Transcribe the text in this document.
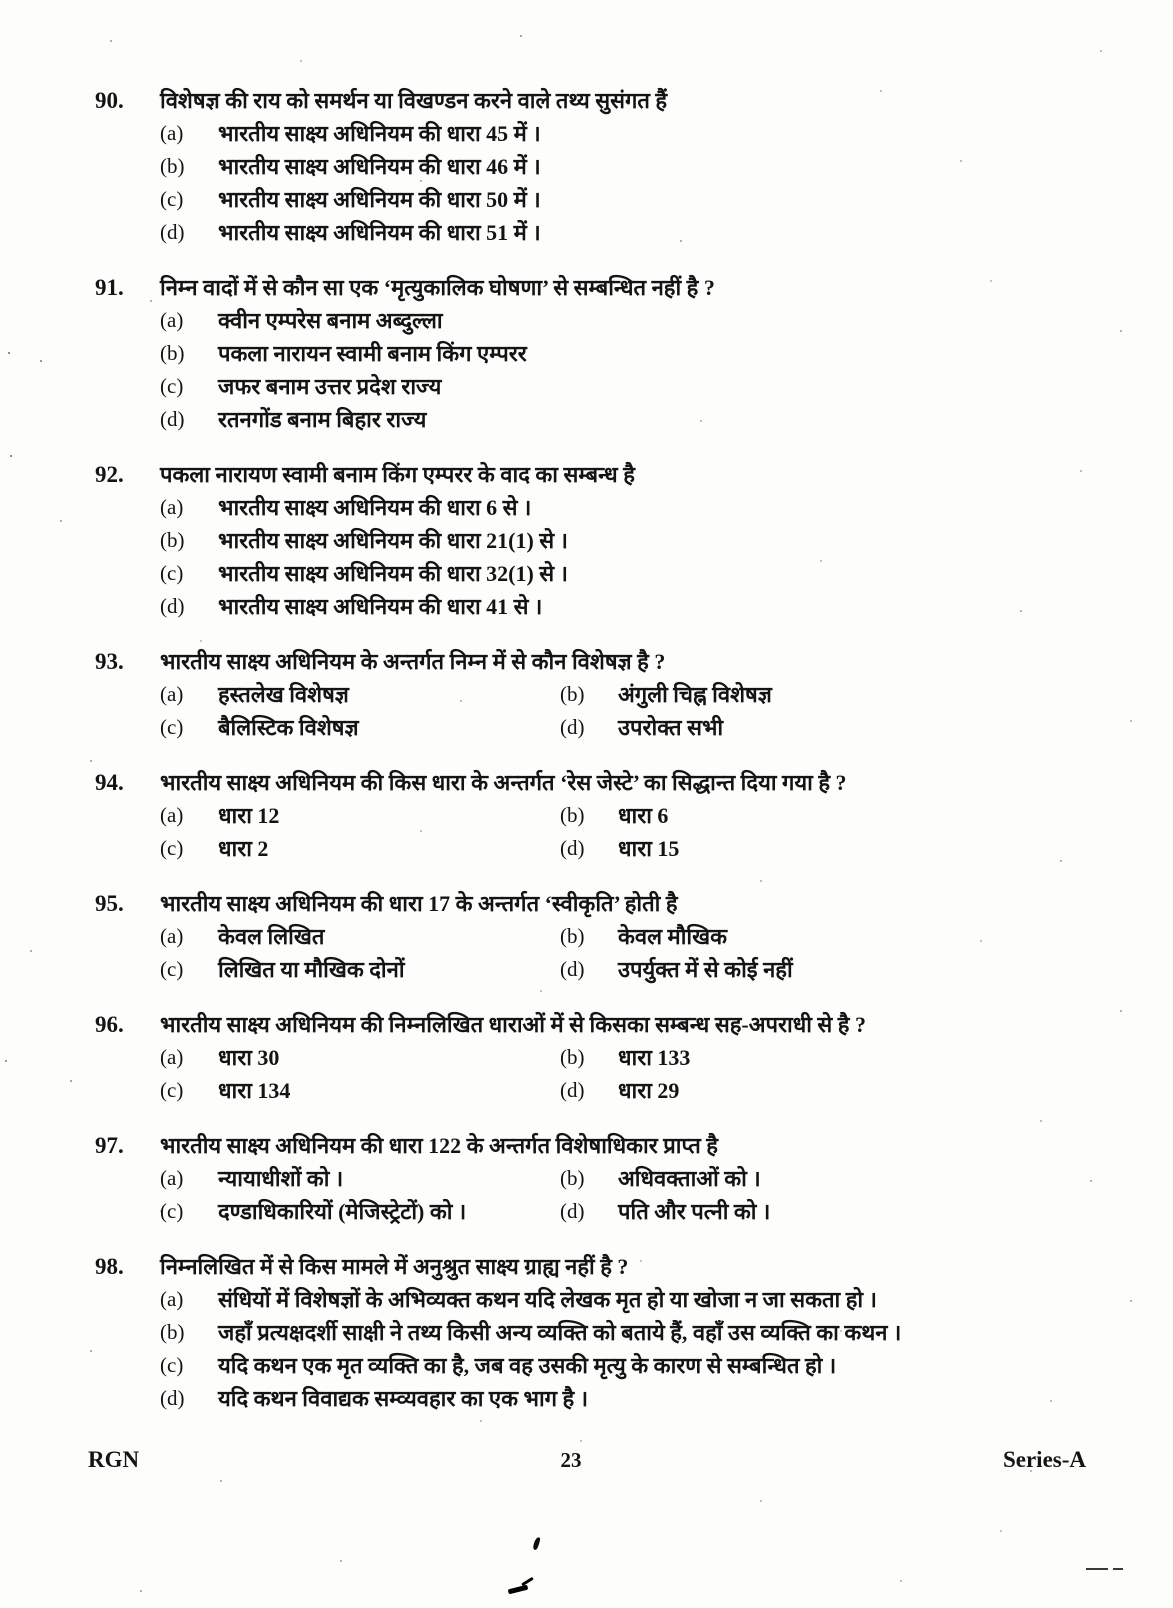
90.	विशेषज्ञ की राय को समर्थन या विखण्डन करने वाले तथ्य सुसंगत हैं
(a)	भारतीय साक्ष्य अधिनियम की धारा 45 में ।
(b)	भारतीय साक्ष्य अधिनियम की धारा 46 में ।
(c)	भारतीय साक्ष्य अधिनियम की धारा 50 में ।
(d)	भारतीय साक्ष्य अधिनियम की धारा 51 में ।
91.	निम्न वादों में से कौन सा एक ‘मृत्युकालिक घोषणा’ से सम्बन्धित नहीं है ?
(a)	क्वीन एम्परेस बनाम अब्दुल्ला
(b)	पकला नारायन स्वामी बनाम किंग एम्परर
(c)	जफर बनाम उत्तर प्रदेश राज्य
(d)	रतनगोंड बनाम बिहार राज्य
92.	पकला नारायण स्वामी बनाम किंग एम्परर के वाद का सम्बन्ध है
(a)	भारतीय साक्ष्य अधिनियम की धारा 6 से ।
(b)	भारतीय साक्ष्य अधिनियम की धारा 21(1) से ।
(c)	भारतीय साक्ष्य अधिनियम की धारा 32(1) से ।
(d)	भारतीय साक्ष्य अधिनियम की धारा 41 से ।
93.	भारतीय साक्ष्य अधिनियम के अन्तर्गत निम्न में से कौन विशेषज्ञ है ?
(a)	हस्तलेख विशेषज्ञ	(b)	अंगुली चिह्न विशेषज्ञ
(c)	बैलिस्टिक विशेषज्ञ	(d)	उपरोक्त सभी
94.	भारतीय साक्ष्य अधिनियम की किस धारा के अन्तर्गत ‘रेस जेस्टे’ का सिद्धान्त दिया गया है ?
(a)	धारा 12	(b)	धारा 6
(c)	धारा 2	(d)	धारा 15
95.	भारतीय साक्ष्य अधिनियम की धारा 17 के अन्तर्गत ‘स्वीकृति’ होती है
(a)	केवल लिखित	(b)	केवल मौखिक
(c)	लिखित या मौखिक दोनों	(d)	उपर्युक्त में से कोई नहीं
96.	भारतीय साक्ष्य अधिनियम की निम्नलिखित धाराओं में से किसका सम्बन्ध सह-अपराधी से है ?
(a)	धारा 30	(b)	धारा 133
(c)	धारा 134	(d)	धारा 29
97.	भारतीय साक्ष्य अधिनियम की धारा 122 के अन्तर्गत विशेषाधिकार प्राप्त है
(a)	न्यायाधीशों को ।	(b)	अधिवक्ताओं को ।
(c)	दण्डाधिकारियों (मेजिस्ट्रेटों) को ।	(d)	पति और पत्नी को ।
98.	निम्नलिखित में से किस मामले में अनुश्रुत साक्ष्य ग्राह्य नहीं है ?
(a)	संधियों में विशेषज्ञों के अभिव्यक्त कथन यदि लेखक मृत हो या खोजा न जा सकता हो ।
(b)	जहाँ प्रत्यक्षदर्शी साक्षी ने तथ्य किसी अन्य व्यक्ति को बताये हैं, वहाँ उस व्यक्ति का कथन ।
(c)	यदि कथन एक मृत व्यक्ति का है, जब वह उसकी मृत्यु के कारण से सम्बन्धित हो ।
(d)	यदि कथन विवाद्यक सम्व्यवहार का एक भाग है ।
RGN	23	Series-A
